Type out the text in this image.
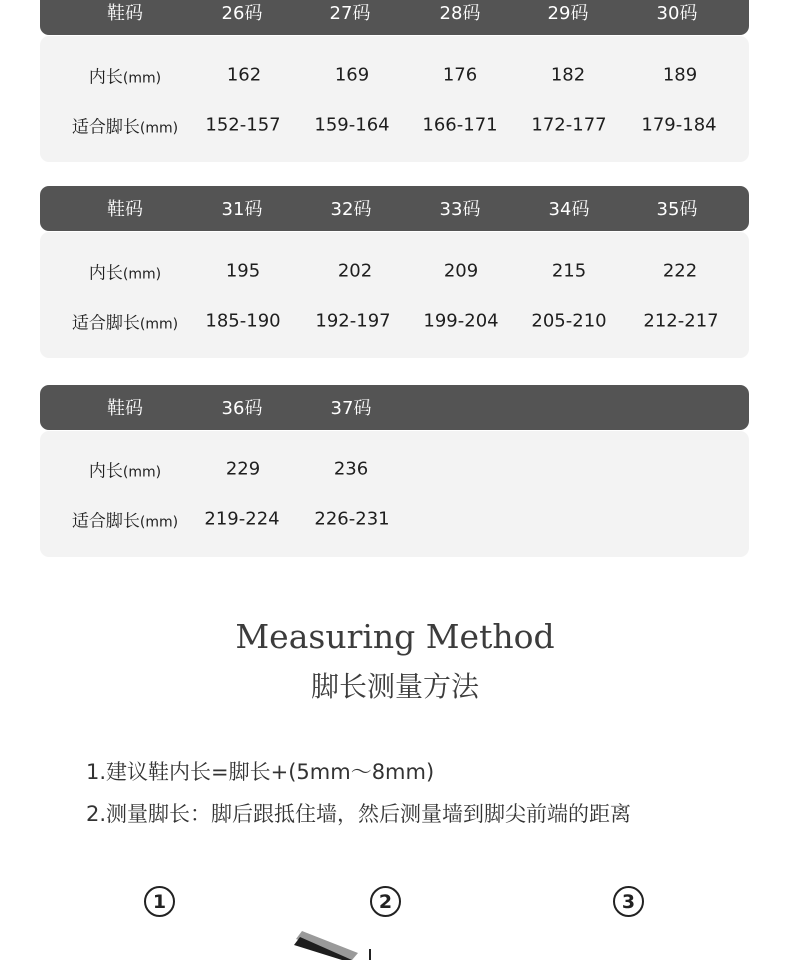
鞋码	26码	27码	28码	29码	30码
内长(mm)	162	169	176	182	189
适合脚长(mm) 152-157 159-164 166-171 172-177 179-184
鞋码	31码	32码	33码	34码	35码
内长(mm)	195	202	209	215	222
适合脚长(mm) 185-190 192-197 199-204 205-210 212-217
鞋码	36码	37码
内长(mm)	229	236
适合脚长(mm) 219-224 226-231
Measuring Method
脚长测量方法
1.建议鞋内长=脚长+(5mm～8mm)
2.测量脚长：脚后跟抵住墙，然后测量墙到脚尖前端的距离
1	2	3
